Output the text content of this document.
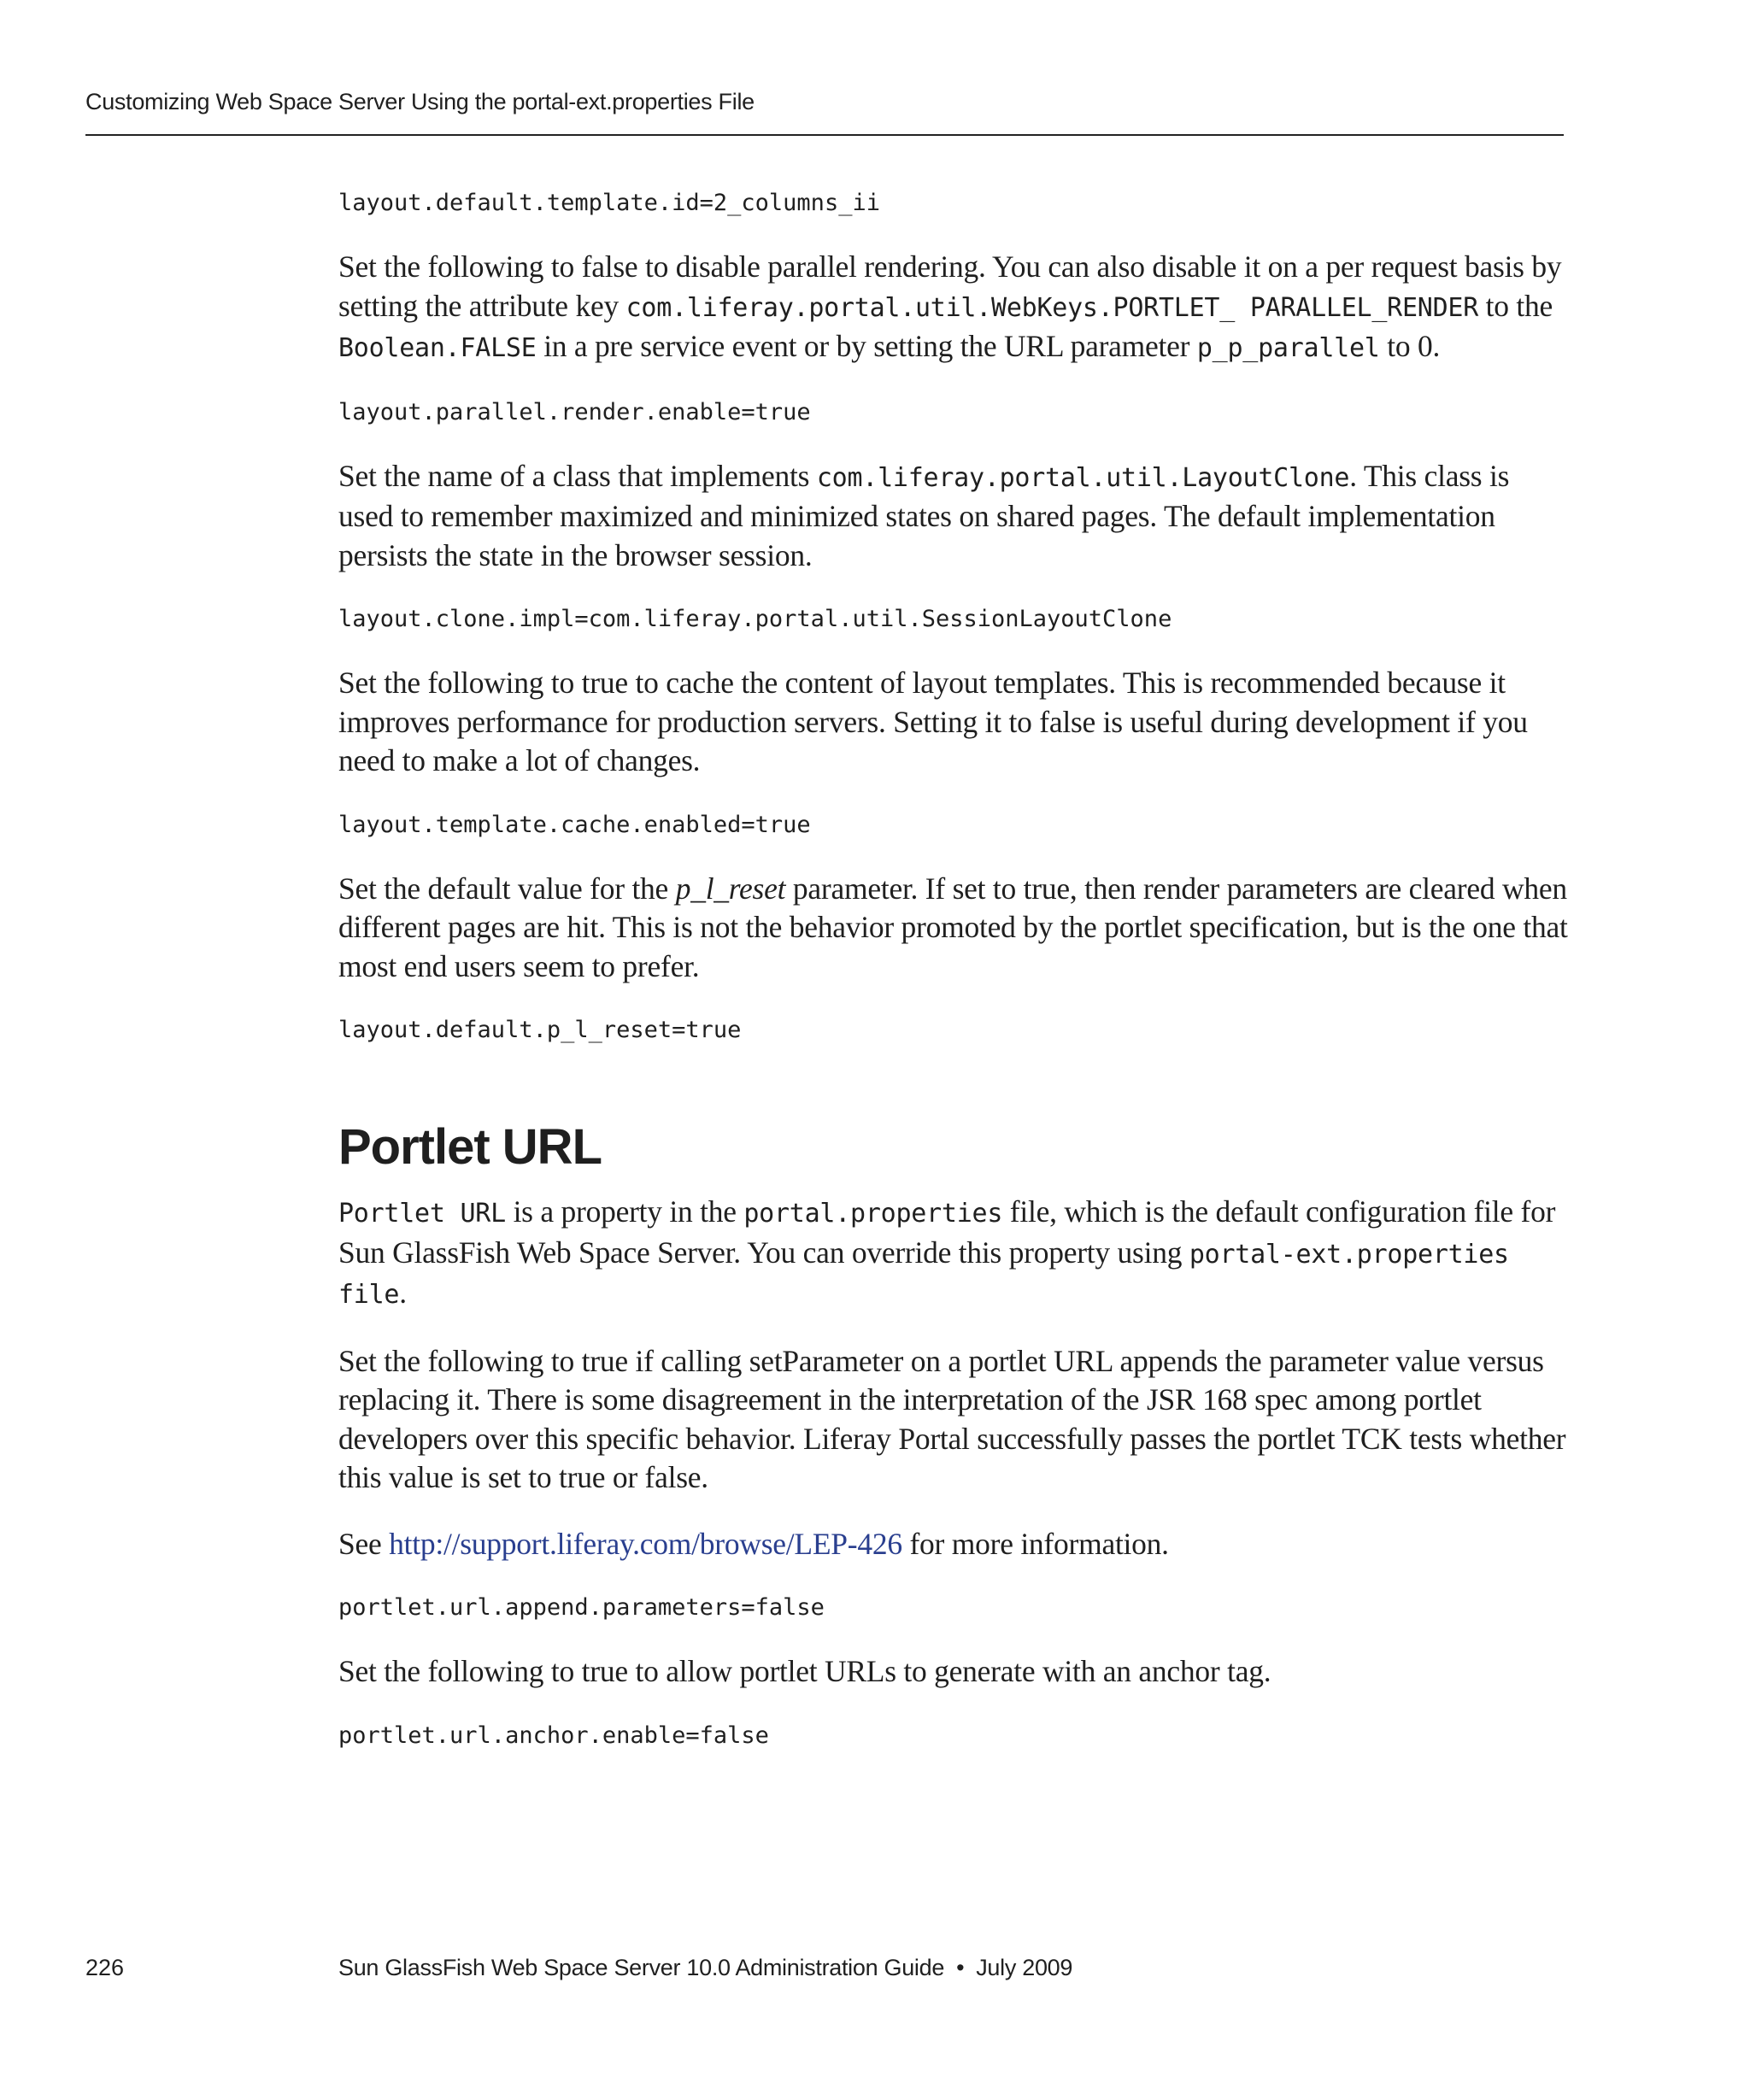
Customizing Web Space Server Using the portal-ext.properties File
layout.default.template.id=2_columns_ii

Set the following to false to disable parallel rendering. You can also disable it on a per request basis by setting the attribute key com.liferay.portal.util.WebKeys.PORTLET_ PARALLEL_RENDER to the Boolean.FALSE in a pre service event or by setting the URL parameter p_p_parallel to 0.

layout.parallel.render.enable=true

Set the name of a class that implements com.liferay.portal.util.LayoutClone. This class is used to remember maximized and minimized states on shared pages. The default implementation persists the state in the browser session.

layout.clone.impl=com.liferay.portal.util.SessionLayoutClone

Set the following to true to cache the content of layout templates. This is recommended because it improves performance for production servers. Setting it to false is useful during development if you need to make a lot of changes.

layout.template.cache.enabled=true

Set the default value for the p_l_reset parameter. If set to true, then render parameters are cleared when different pages are hit. This is not the behavior promoted by the portlet specification, but is the one that most end users seem to prefer.

layout.default.p_l_reset=true
Portlet URL

Portlet URL is a property in the portal.properties file, which is the default configuration file for Sun GlassFish Web Space Server. You can override this property using portal-ext.properties file.

Set the following to true if calling setParameter on a portlet URL appends the parameter value versus replacing it. There is some disagreement in the interpretation of the JSR 168 spec among portlet developers over this specific behavior. Liferay Portal successfully passes the portlet TCK tests whether this value is set to true or false.

See http://support.liferay.com/browse/LEP-426 for more information.

portlet.url.append.parameters=false

Set the following to true to allow portlet URLs to generate with an anchor tag.

portlet.url.anchor.enable=false
226	Sun GlassFish Web Space Server 10.0 Administration Guide • July 2009
